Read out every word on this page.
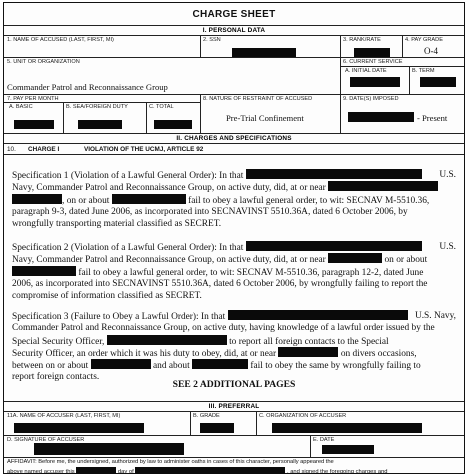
CHARGE SHEET
I. PERSONAL DATA
1. NAME OF ACCUSED (LAST, FIRST, MI)	2. SSN	3. RANK/RATE	4. PAY GRADE
O-4
5. UNIT OR ORGANIZATION
Commander Patrol and Reconnaissance Group
6. CURRENT SERVICE
A. INITIAL DATE	B. TERM
7. PAY PER MONTH
A. BASIC	B. SEA/FOREIGN DUTY	C. TOTAL
8. NATURE OF RESTRAINT OF ACCUSED
Pre-Trial Confinement
9. DATE(S) IMPOSED
- Present
II. CHARGES AND SPECIFICATIONS
10. CHARGE I	VIOLATION OF THE UCMJ, ARTICLE 92
Specification 1 (Violation of a Lawful General Order): In that	U.S.
Navy, Commander Patrol and Reconnaissance Group, on active duty, did, at or near
, on or about	fail to obey a lawful general order, to wit: SECNAV M-5510.36,
paragraph 9-3, dated June 2006, as incorporated into SECNAVINST 5510.36A, dated 6 October 2006, by
wrongfully transporting material classified as SECRET.
Specification 2 (Violation of a Lawful General Order): In that	U.S.
Navy, Commander Patrol and Reconnaissance Group, on active duty, did, at or near	on or about
fail to obey a lawful general order, to wit: SECNAV M-5510.36, paragraph 12-2, dated June
2006, as incorporated into SECNAVINST 5510.36A, dated 6 October 2006, by wrongfully failing to report the
compromise of information classified as SECRET.
Specification 3 (Failure to Obey a Lawful Order): In that	U.S. Navy,
Commander Patrol and Reconnaissance Group, on active duty, having knowledge of a lawful order issued by the
Special Security Officer,	to report all foreign contacts to the Special
Security Officer, an order which it was his duty to obey, did, at or near	on divers occasions,
between on or about	and about	fail to obey the same by wrongfully failing to
report foreign contacts.
SEE 2 ADDITIONAL PAGES
III. PREFERRAL
11A. NAME OF ACCUSER (LAST, FIRST, MI)	B. GRADE	C. ORGANIZATION OF ACCUSER
D. SIGNATURE OF ACCUSER	E. DATE
AFFIDAVIT: Before me, the undersigned, authorized by law to administer oaths in cases of this character, personally appeared the
above named accuser this	day of	, and signed the foregoing charges and
